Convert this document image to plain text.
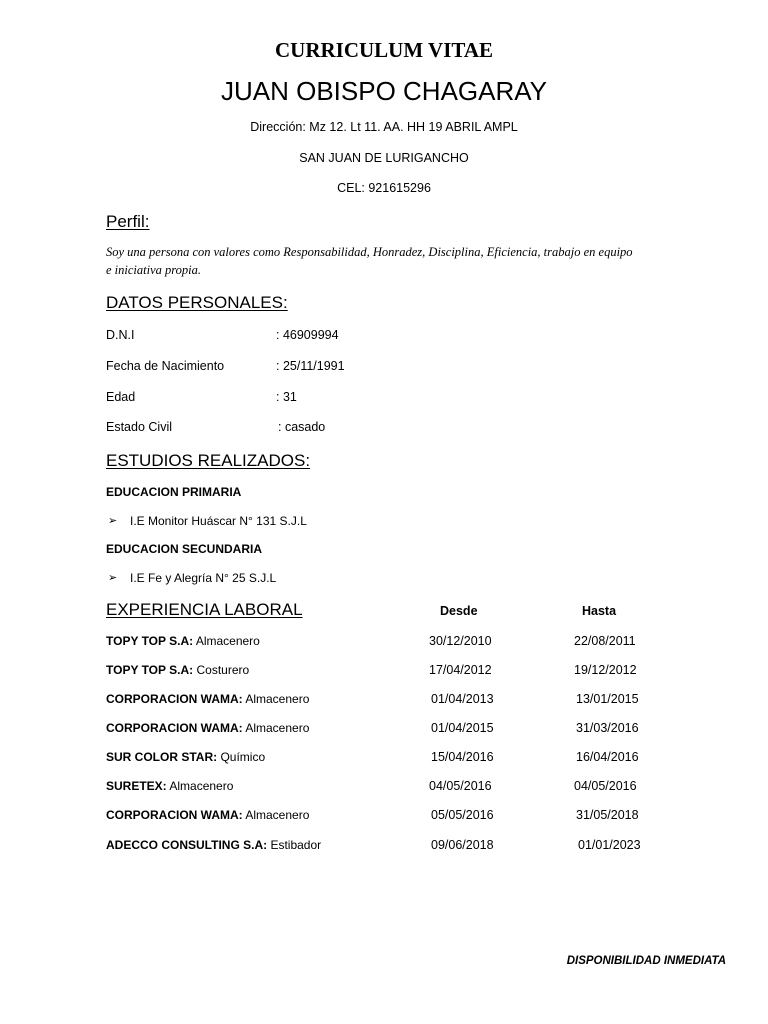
CURRICULUM VITAE
JUAN OBISPO CHAGARAY
Dirección: Mz 12. Lt 11. AA. HH 19 ABRIL AMPL
SAN JUAN DE LURIGANCHO
CEL: 921615296
Perfil:
Soy una persona con valores como Responsabilidad, Honradez, Disciplina, Eficiencia, trabajo en equipo e iniciativa propia.
DATOS PERSONALES:
D.N.I	: 46909994
Fecha de Nacimiento	: 25/11/1991
Edad	: 31
Estado Civil	: casado
ESTUDIOS REALIZADOS:
EDUCACION PRIMARIA
➢ I.E Monitor Huáscar N° 131 S.J.L
EDUCACION SECUNDARIA
➢ I.E Fe y Alegría N° 25 S.J.L
EXPERIENCIA LABORAL	Desde	Hasta
TOPY TOP S.A: Almacenero	30/12/2010	22/08/2011
TOPY TOP S.A: Costurero	17/04/2012	19/12/2012
CORPORACION WAMA: Almacenero	01/04/2013	13/01/2015
CORPORACION WAMA: Almacenero	01/04/2015	31/03/2016
SUR COLOR STAR: Químico	15/04/2016	16/04/2016
SURETEX: Almacenero	04/05/2016	04/05/2016
CORPORACION WAMA: Almacenero	05/05/2016	31/05/2018
ADECCO CONSULTING S.A: Estibador	09/06/2018	01/01/2023
DISPONIBILIDAD INMEDIATA
